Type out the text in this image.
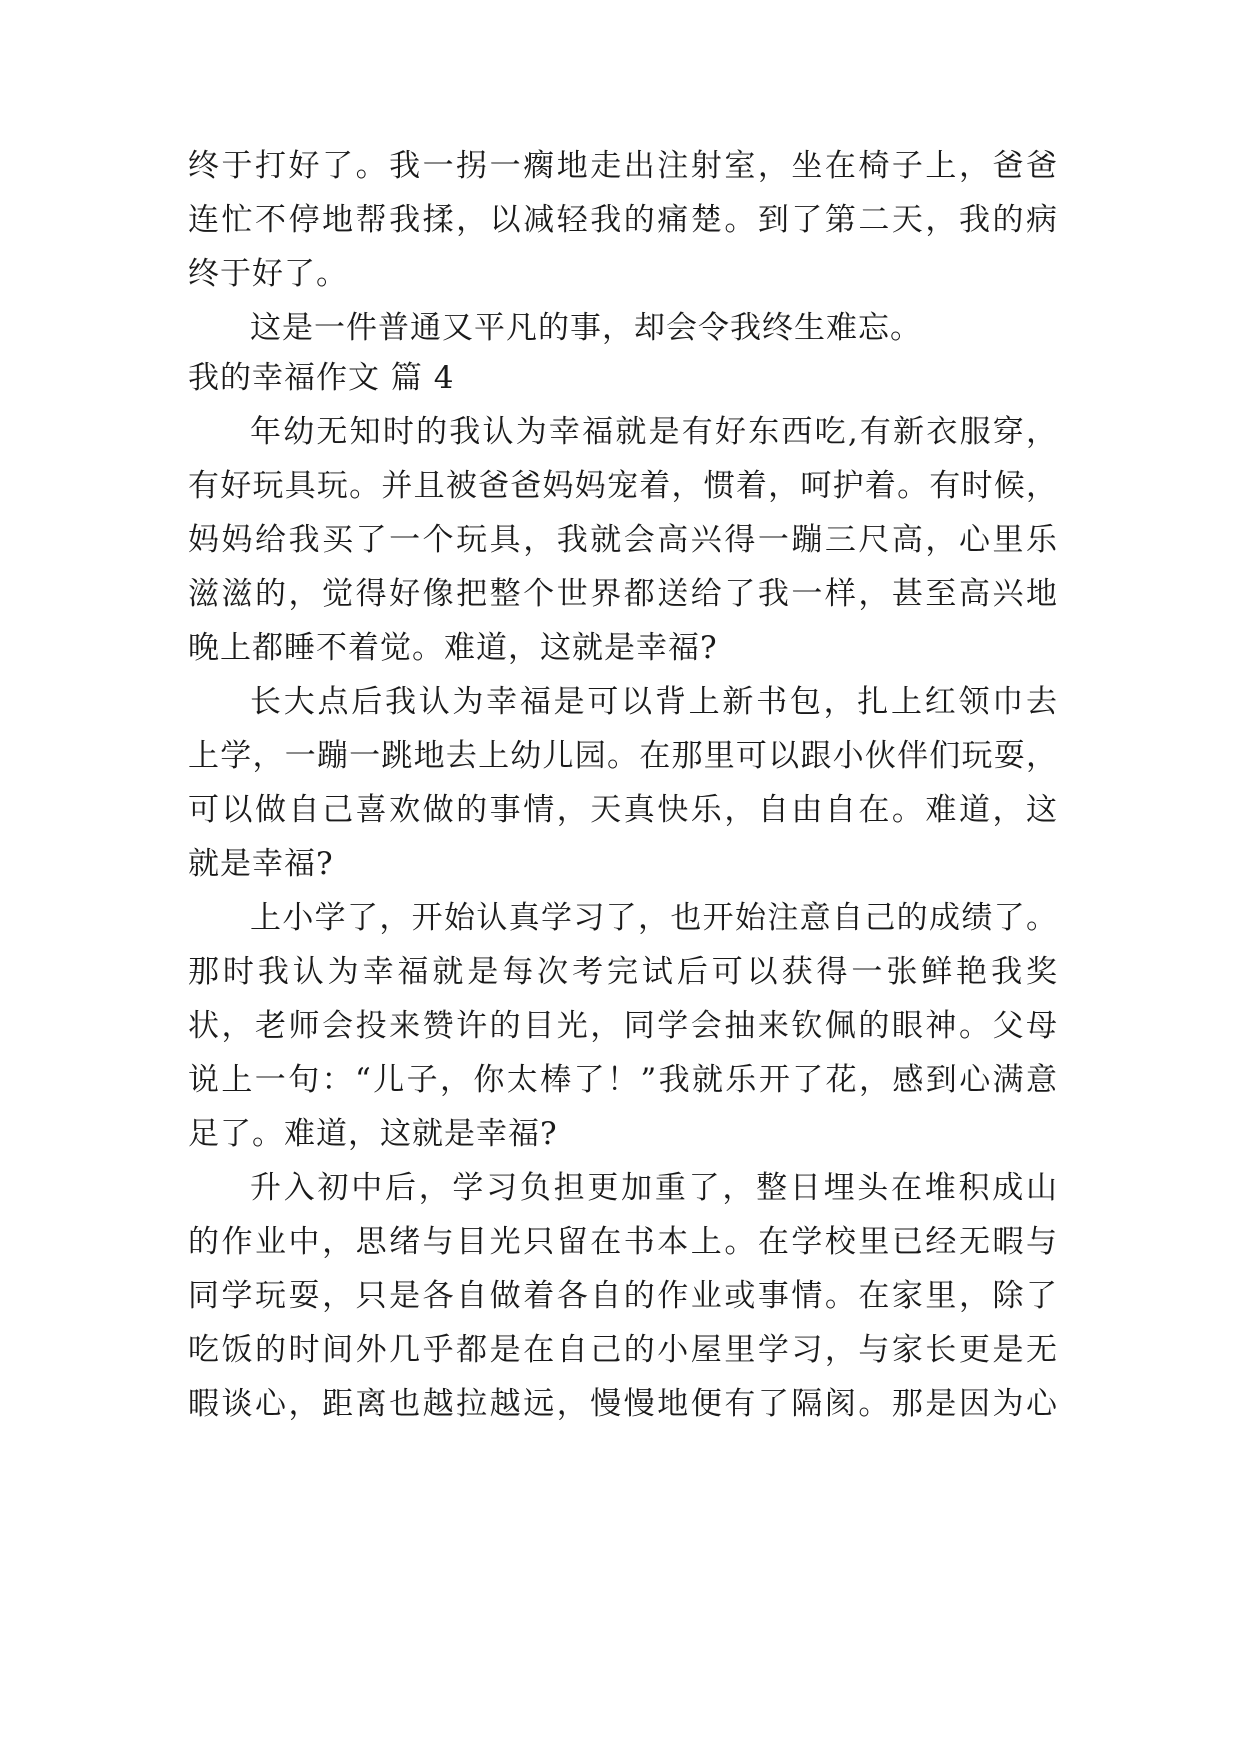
终于打好了。我一拐一瘸地走出注射室，坐在椅子上，爸爸
连忙不停地帮我揉，以减轻我的痛楚。到了第二天，我的病
终于好了。
这是一件普通又平凡的事，却会令我终生难忘。
我的幸福作文 篇 4
年幼无知时的我认为幸福就是有好东西吃,有新衣服穿，
有好玩具玩。并且被爸爸妈妈宠着，惯着，呵护着。有时候，
妈妈给我买了一个玩具，我就会高兴得一蹦三尺高，心里乐
滋滋的，觉得好像把整个世界都送给了我一样，甚至高兴地
晚上都睡不着觉。难道，这就是幸福?
长大点后我认为幸福是可以背上新书包，扎上红领巾去
上学，一蹦一跳地去上幼儿园。在那里可以跟小伙伴们玩耍，
可以做自己喜欢做的事情，天真快乐，自由自在。难道，这
就是幸福?
上小学了，开始认真学习了，也开始注意自己的成绩了。
那时我认为幸福就是每次考完试后可以获得一张鲜艳我奖
状，老师会投来赞许的目光，同学会抽来钦佩的眼神。父母
说上一句：“儿子，你太棒了！”我就乐开了花，感到心满意
足了。难道，这就是幸福?
升入初中后，学习负担更加重了，整日埋头在堆积成山
的作业中，思绪与目光只留在书本上。在学校里已经无暇与
同学玩耍，只是各自做着各自的作业或事情。在家里，除了
吃饭的时间外几乎都是在自己的小屋里学习，与家长更是无
暇谈心，距离也越拉越远，慢慢地便有了隔阂。那是因为心
